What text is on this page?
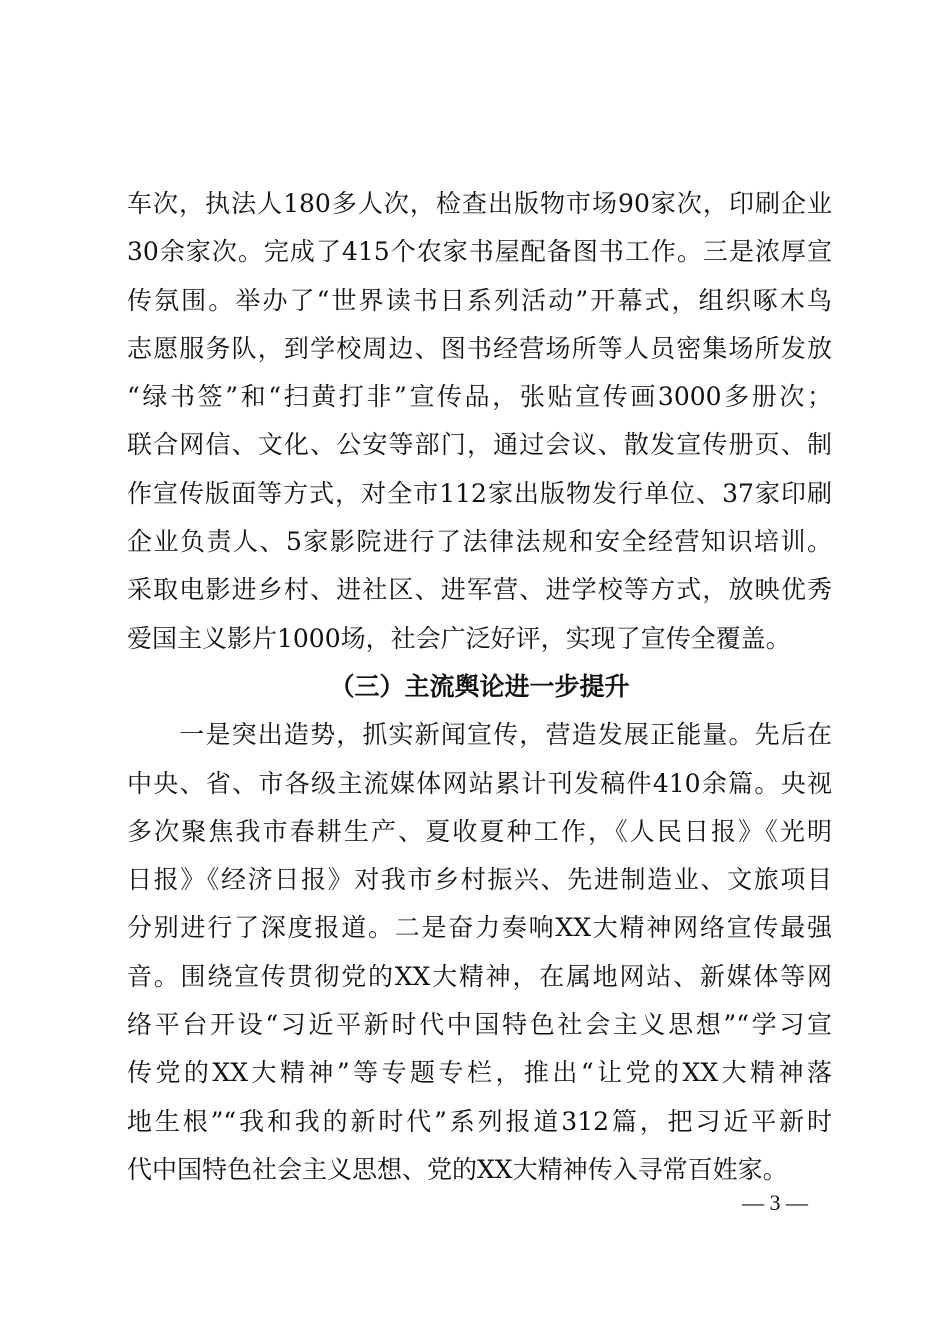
车次，执法人180多人次，检查出版物市场90家次，印刷企业
30余家次。完成了415个农家书屋配备图书工作。三是浓厚宣
传氛围。举办了“世界读书日系列活动”开幕式，组织啄木鸟
志愿服务队，到学校周边、图书经营场所等人员密集场所发放
“绿书签”和“扫黄打非”宣传品，张贴宣传画3000多册次；
联合网信、文化、公安等部门，通过会议、散发宣传册页、制
作宣传版面等方式，对全市112家出版物发行单位、37家印刷
企业负责人、5家影院进行了法律法规和安全经营知识培训。
采取电影进乡村、进社区、进军营、进学校等方式，放映优秀
爱国主义影片1000场，社会广泛好评，实现了宣传全覆盖。
（三）主流舆论进一步提升
　　一是突出造势，抓实新闻宣传，营造发展正能量。先后在
中央、省、市各级主流媒体网站累计刊发稿件410余篇。央视
多次聚焦我市春耕生产、夏收夏种工作，《人民日报》《光明
日报》《经济日报》对我市乡村振兴、先进制造业、文旅项目
分别进行了深度报道。二是奋力奏响XX大精神网络宣传最强
音。围绕宣传贯彻党的XX大精神，在属地网站、新媒体等网
络平台开设“习近平新时代中国特色社会主义思想”“学习宣
传党的XX大精神”等专题专栏，推出“让党的XX大精神落
地生根”“我和我的新时代”系列报道312篇，把习近平新时
代中国特色社会主义思想、党的XX大精神传入寻常百姓家。
— 3 —
